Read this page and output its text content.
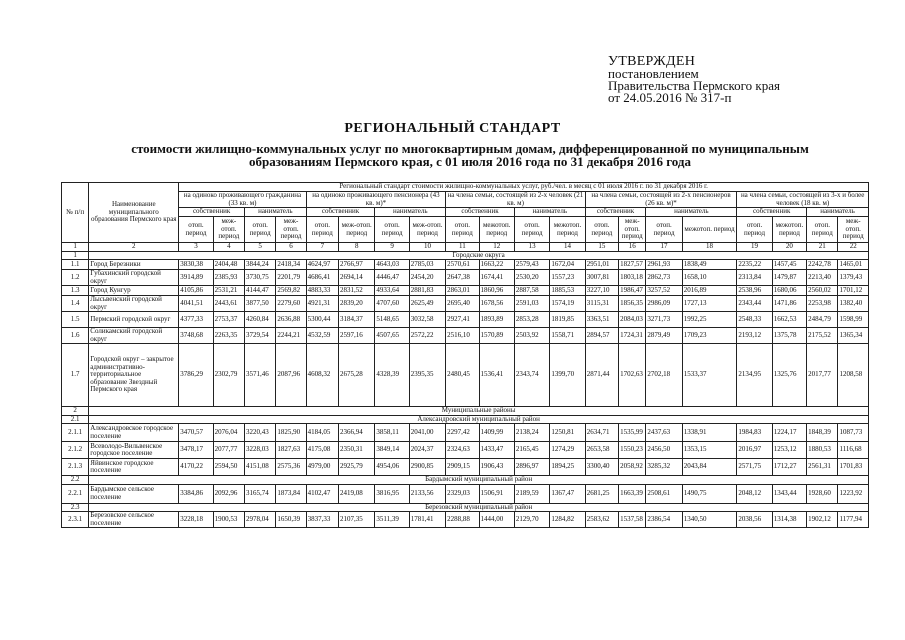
УТВЕРЖДЕН
постановлением
Правительства Пермского края
от 24.05.2016 № 317-п
РЕГИОНАЛЬНЫЙ СТАНДАРТ
стоимости жилищно-коммунальных услуг по многоквартирным домам, дифференцированной по муниципальным образованиям Пермского края, с 01 июля 2016 года по 31 декабря 2016 года
№ п/п	Наименование муниципального образования Пермского края	Региональный стандарт стоимости жилищно-коммунальных услуг, руб./чел. в месяц с 01 июля 2016 г. по 31 декабря 2016 г.																			
		на одиноко проживающего гражданина (33 кв. м)				на одиноко проживающего пенсионера (43 кв. м)*				на члена семьи, состоящей из 2-х человек (21 кв. м)				на члена семьи, состоящей из 2-х пенсионеров (26 кв. м)*				на члена семьи, состоящей из 3-х и более человек (18 кв. м)			
		собственник		наниматель		собственник		наниматель		собственник		наниматель		собственник		наниматель		собственник		наниматель	
		отоп. период	меж-отоп. период	отоп. период	меж-отоп. период	отоп. период	меж-отоп. период	отоп. период	меж-отоп. период	отоп. период	межотоп. период	отоп. период	межотоп. период	отоп. период	меж-отоп. период	отоп. период	межотоп. период	отоп. период	межотоп. период	отоп. период	меж-отоп. период
1	2	3	4	5	6	7	8	9	10	11	12	13	14	15	16	17	18	19	20	21	22
1	Городские округа																				
1.1	Город Березники	3830,38	2404,48	3844,24	2418,34	4624,97	2766,97	4643,03	2785,03	2570,61	1663,22	2579,43	1672,04	2951,01	1827,57	2961,93	1838,49	2235,22	1457,45	2242,78	1465,01
1.2	Губахинский городской округ	3914,89	2385,93	3730,75	2201,79	4686,41	2694,14	4446,47	2454,20	2647,38	1674,41	2530,20	1557,23	3007,81	1803,18	2862,73	1658,10	2313,84	1479,87	2213,40	1379,43
1.3	Город Кунгур	4105,86	2531,21	4144,47	2569,82	4883,33	2831,52	4933,64	2881,83	2863,01	1860,96	2887,58	1885,53	3227,10	1986,47	3257,52	2016,89	2538,96	1680,06	2560,02	1701,12
1.4	Лысьвенский городской округ	4041,51	2443,61	3877,50	2279,60	4921,31	2839,20	4707,60	2625,49	2695,40	1678,56	2591,03	1574,19	3115,31	1856,35	2986,09	1727,13	2343,44	1471,86	2253,98	1382,40
1.5	Пермский городской округ	4377,33	2753,37	4260,84	2636,88	5300,44	3184,37	5148,65	3032,58	2927,41	1893,89	2853,28	1819,85	3363,51	2084,03	3271,73	1992,25	2548,33	1662,53	2484,79	1598,99
1.6	Соликамский городской округ	3748,68	2263,35	3729,54	2244,21	4532,59	2597,16	4507,65	2572,22	2516,10	1570,89	2503,92	1558,71	2894,57	1724,31	2879,49	1709,23	2193,12	1375,78	2175,52	1365,34
1.7	Городской округ – закрытое административно-территориальное образование Звездный Пермского края	3786,29	2302,79	3571,46	2087,96	4608,32	2675,28	4328,39	2395,35	2480,45	1536,41	2343,74	1399,70	2871,44	1702,63	2702,18	1533,37	2134,95	1325,76	2017,77	1208,58
2	Муниципальные районы																				
2.1	Александровский муниципальный район																				
2.1.1	Александровское городское поселение	3470,57	2076,04	3220,43	1825,90	4184,05	2366,94	3858,11	2041,00	2297,42	1409,99	2138,24	1250,81	2634,71	1535,99	2437,63	1338,91	1984,83	1224,17	1848,39	1087,73
2.1.2	Всеволодо-Вильвенское городское поселение	3478,17	2077,77	3228,03	1827,63	4175,08	2350,31	3849,14	2024,37	2324,63	1433,47	2165,45	1274,29	2653,58	1550,23	2456,50	1353,15	2016,97	1253,12	1880,53	1116,68
2.1.3	Яйвинское городское поселение	4170,22	2594,50	4151,08	2575,36	4979,00	2925,79	4954,06	2900,85	2909,15	1906,43	2896,97	1894,25	3300,40	2058,92	3285,32	2043,84	2571,75	1712,27	2561,31	1701,83
2.2	Бардымский муниципальный район																				
2.2.1	Бардымское сельское поселение	3384,86	2092,96	3165,74	1873,84	4102,47	2419,08	3816,95	2133,56	2329,03	1506,91	2189,59	1367,47	2681,25	1663,39	2508,61	1490,75	2048,12	1343,44	1928,60	1223,92
2.3	Березовский муниципальный район																				
2.3.1	Березовское сельское поселение	3228,18	1900,53	2978,04	1650,39	3837,33	2107,35	3511,39	1781,41	2288,88	1444,00	2129,70	1284,82	2583,62	1537,58	2386,54	1340,50	2038,56	1314,38	1902,12	1177,94
